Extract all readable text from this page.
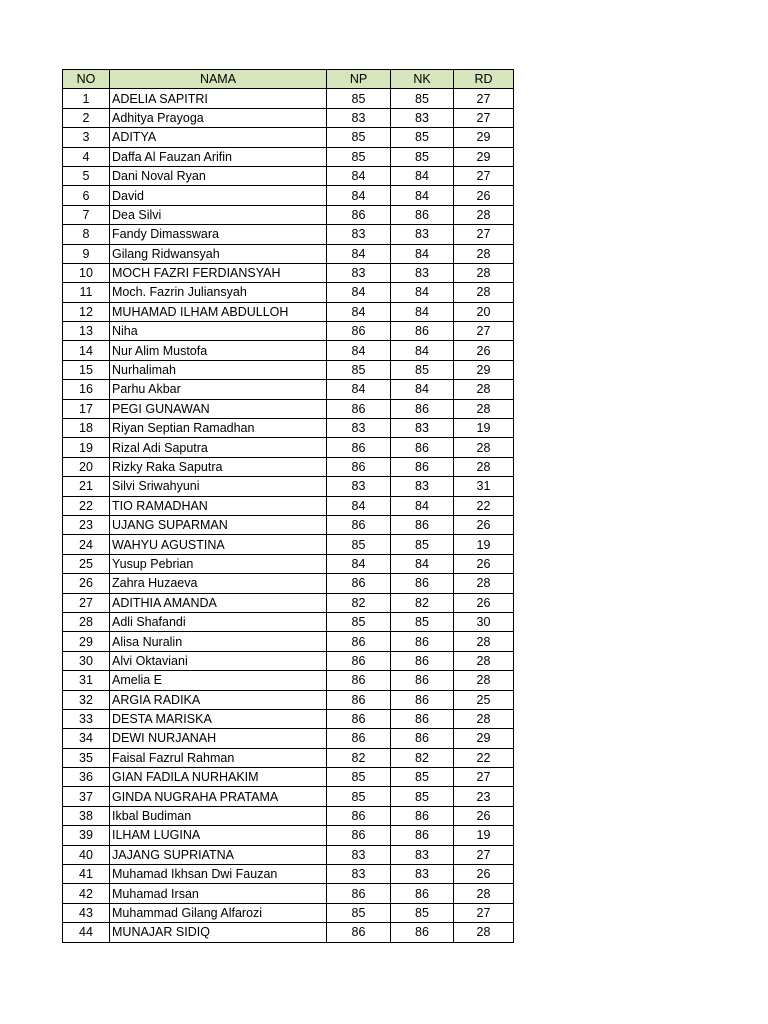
NO	NAMA	NP	NK	RD
1	ADELIA SAPITRI	85	85	27
2	Adhitya Prayoga	83	83	27
3	ADITYA	85	85	29
4	Daffa Al Fauzan Arifin	85	85	29
5	Dani Noval Ryan	84	84	27
6	David	84	84	26
7	Dea Silvi	86	86	28
8	Fandy Dimasswara	83	83	27
9	Gilang Ridwansyah	84	84	28
10	MOCH FAZRI FERDIANSYAH	83	83	28
11	Moch. Fazrin Juliansyah	84	84	28
12	MUHAMAD ILHAM ABDULLOH	84	84	20
13	Niha	86	86	27
14	Nur Alim Mustofa	84	84	26
15	Nurhalimah	85	85	29
16	Parhu Akbar	84	84	28
17	PEGI GUNAWAN	86	86	28
18	Riyan Septian Ramadhan	83	83	19
19	Rizal Adi Saputra	86	86	28
20	Rizky Raka Saputra	86	86	28
21	Silvi Sriwahyuni	83	83	31
22	TIO RAMADHAN	84	84	22
23	UJANG SUPARMAN	86	86	26
24	WAHYU AGUSTINA	85	85	19
25	Yusup Pebrian	84	84	26
26	Zahra Huzaeva	86	86	28
27	ADITHIA AMANDA	82	82	26
28	Adli Shafandi	85	85	30
29	Alisa Nuralin	86	86	28
30	Alvi Oktaviani	86	86	28
31	Amelia E	86	86	28
32	ARGIA RADIKA	86	86	25
33	DESTA MARISKA	86	86	28
34	DEWI NURJANAH	86	86	29
35	Faisal Fazrul Rahman	82	82	22
36	GIAN FADILA NURHAKIM	85	85	27
37	GINDA NUGRAHA PRATAMA	85	85	23
38	Ikbal Budiman	86	86	26
39	ILHAM LUGINA	86	86	19
40	JAJANG SUPRIATNA	83	83	27
41	Muhamad Ikhsan Dwi Fauzan	83	83	26
42	Muhamad Irsan	86	86	28
43	Muhammad Gilang Alfarozi	85	85	27
44	MUNAJAR SIDIQ	86	86	28
